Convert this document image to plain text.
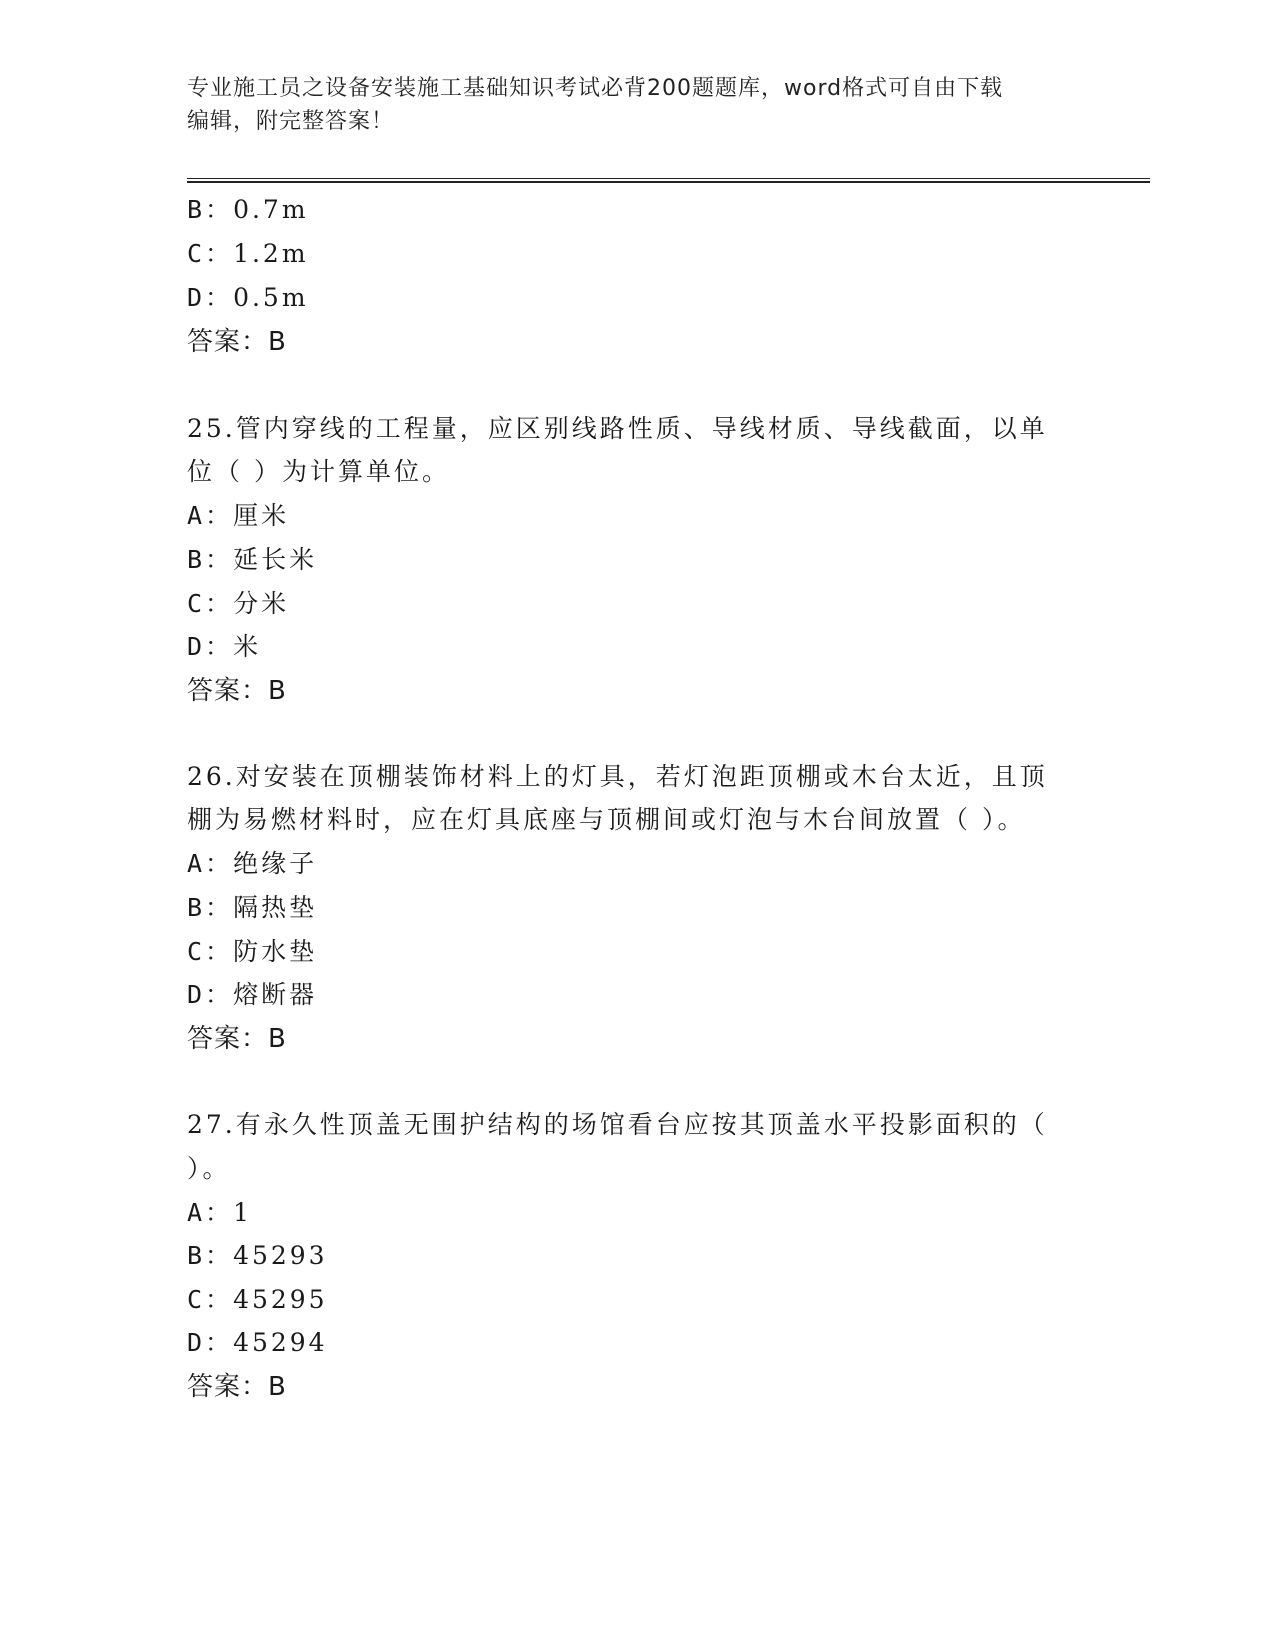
专业施工员之设备安装施工基础知识考试必背200题题库，word格式可自由下载
编辑，附完整答案！
B：0.7m
C：1.2m
D：0.5m
答案：B
25.管内穿线的工程量，应区别线路性质、导线材质、导线截面，以单
位（ ）为计算单位。
A：厘米
B：延长米
C：分米
D：米
答案：B
26.对安装在顶棚装饰材料上的灯具，若灯泡距顶棚或木台太近，且顶
棚为易燃材料时，应在灯具底座与顶棚间或灯泡与木台间放置（ ）。
A：绝缘子
B：隔热垫
C：防水垫
D：熔断器
答案：B
27.有永久性顶盖无围护结构的场馆看台应按其顶盖水平投影面积的（
）。
A：1
B：45293
C：45295
D：45294
答案：B
